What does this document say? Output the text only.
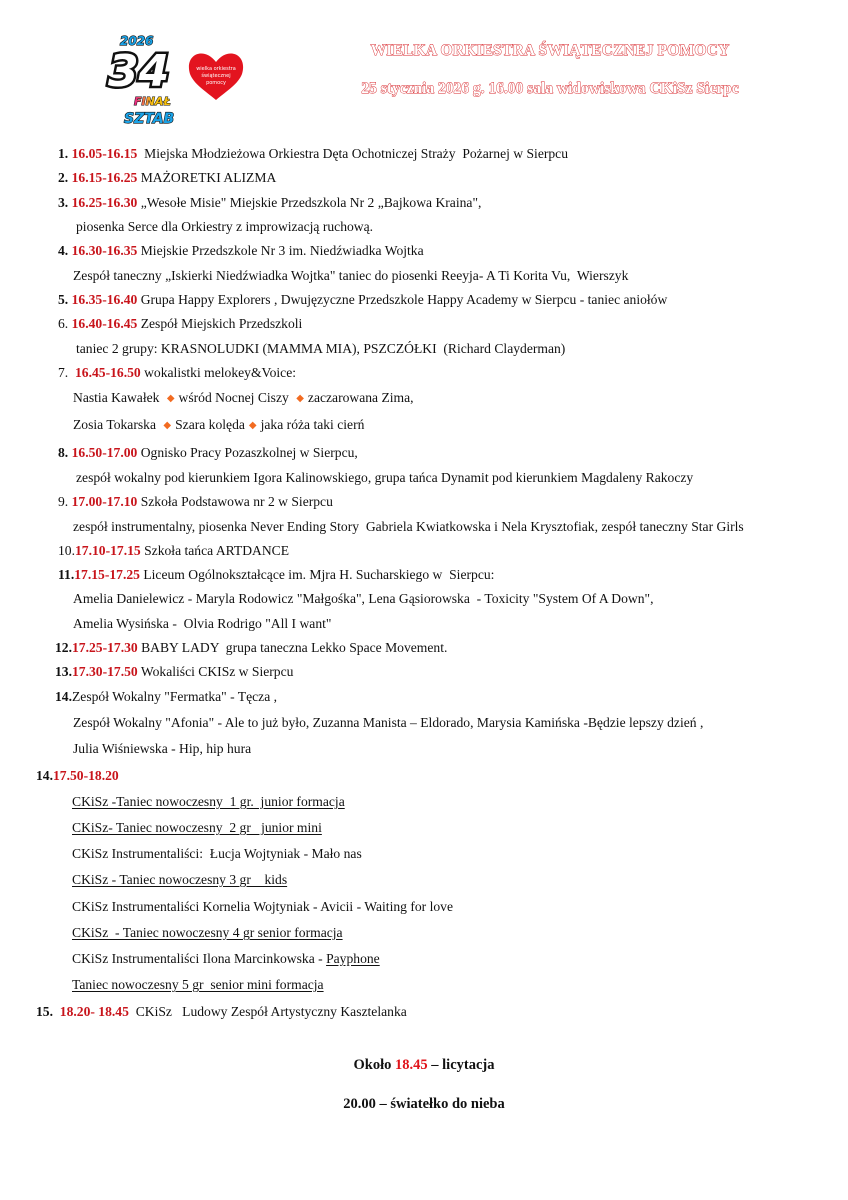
2026
34	wielka orkiestra
świątecznej
pomocy
FINAŁ
SZTAB
WIELKA ORKIESTRA ŚWIĄTECZNEJ POMOCY
25 stycznia 2026 g. 16.00 sala widowiskowa CKiSz Sierpc
1. 16.05-16.15  Miejska Młodzieżowa Orkiestra Dęta Ochotniczej Straży  Pożarnej w Sierpcu
2. 16.15-16.25 MAŻORETKI ALIZMA
3. 16.25-16.30 „Wesołe Misie" Miejskie Przedszkola Nr 2 „Bajkowa Kraina",
piosenka Serce dla Orkiestry z improwizacją ruchową.
4. 16.30-16.35 Miejskie Przedszkole Nr 3 im. Niedźwiadka Wojtka
Zespół taneczny „Iskierki Niedźwiadka Wojtka" taniec do piosenki Reeyja- A Ti Korita Vu,  Wierszyk
5. 16.35-16.40 Grupa Happy Explorers , Dwujęzyczne Przedszkole Happy Academy w Sierpcu - taniec aniołów
6. 16.40-16.45 Zespół Miejskich Przedszkoli
taniec 2 grupy: KRASNOLUDKI (MAMMA MIA), PSZCZÓŁKI  (Richard Clayderman)
7. 16.45-16.50 wokalistki melokey&Voice:
Nastia Kawałek ◆ wśród Nocnej Ciszy ◆ zaczarowana Zima,
Zosia Tokarska ◆ Szara kolęda ◆ jaka róża taki cierń
8. 16.50-17.00 Ognisko Pracy Pozaszkolnej w Sierpcu,
zespół wokalny pod kierunkiem Igora Kalinowskiego, grupa tańca Dynamit pod kierunkiem Magdaleny Rakoczy
9. 17.00-17.10 Szkoła Podstawowa nr 2 w Sierpcu
zespół instrumentalny, piosenka Never Ending Story  Gabriela Kwiatkowska i Nela Krysztofiak, zespół taneczny Star Girls
10.17.10-17.15 Szkoła tańca ARTDANCE
11.17.15-17.25 Liceum Ogólnokształcące im. Mjra H. Sucharskiego w  Sierpcu:
Amelia Danielewicz - Maryla Rodowicz "Małgośka", Lena Gąsiorowska  - Toxicity "System Of A Down",
Amelia Wysińska -  Olvia Rodrigo "All I want"
12.17.25-17.30 BABY LADY  grupa taneczna Lekko Space Movement.
13.17.30-17.50 Wokaliści CKISz w Sierpcu
14.Zespół Wokalny "Fermatka" - Tęcza ,
Zespół Wokalny "Afonia" - Ale to już było, Zuzanna Manista – Eldorado, Marysia Kamińska -Będzie lepszy dzień ,
Julia Wiśniewska - Hip, hip hura
14.17.50-18.20
CKiSz -Taniec nowoczesny  1 gr.  junior formacja
CKiSz- Taniec nowoczesny  2 gr   junior mini
CKiSz Instrumentaliści:  Łucja Wojtyniak - Mało nas
CKiSz - Taniec nowoczesny 3 gr    kids
CKiSz Instrumentaliści Kornelia Wojtyniak - Avicii - Waiting for love
CKiSz  - Taniec nowoczesny 4 gr senior formacja
CKiSz Instrumentaliści Ilona Marcinkowska - Payphone
Taniec nowoczesny 5 gr  senior mini formacja
15. 18.20- 18.45  CKiSz   Ludowy Zespół Artystyczny Kasztelanka
Około 18.45 – licytacja
20.00 – światełko do nieba
